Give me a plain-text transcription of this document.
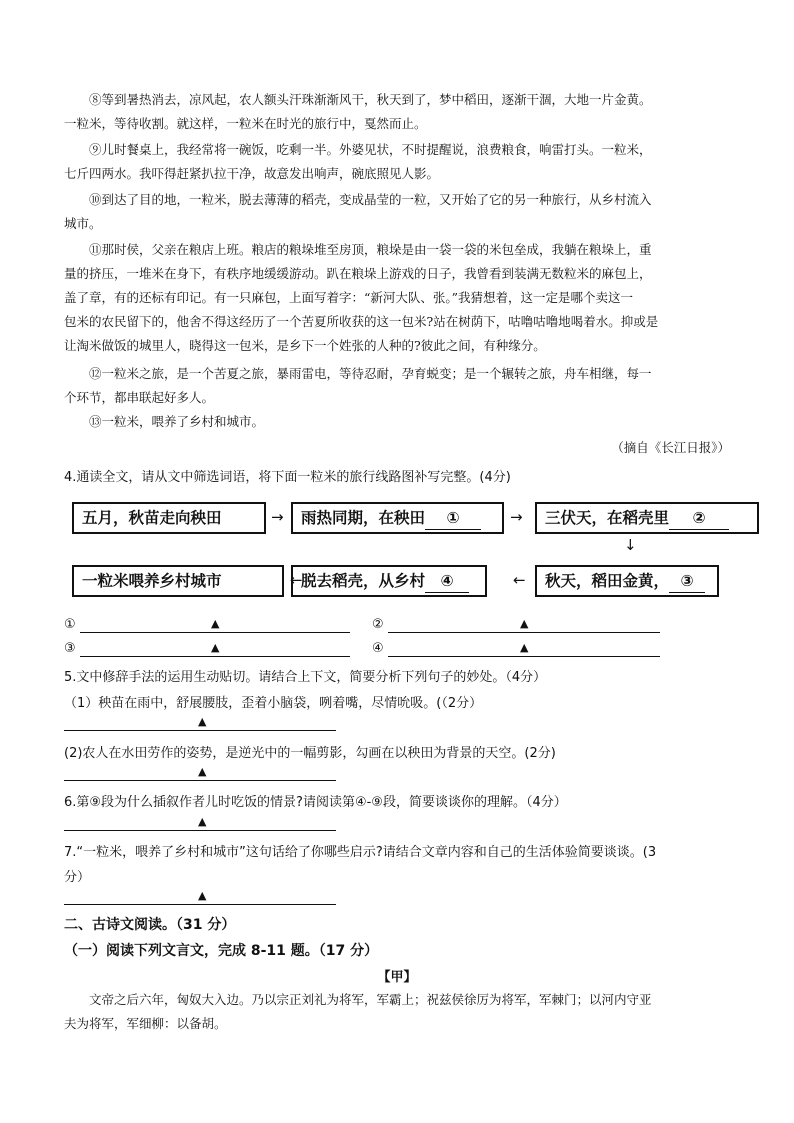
⑧等到暑热消去，凉风起，农人额头汗珠渐渐风干，秋天到了，梦中稻田，逐渐干涸，大地一片金黄。
一粒米，等待收割。就这样，一粒米在时光的旅行中，戛然而止。
⑨儿时餐桌上，我经常将一碗饭，吃剩一半。外婆见状，不时提醒说，浪费粮食，响雷打头。一粒米，
七斤四两水。我吓得赶紧扒拉干净，故意发出响声，碗底照见人影。
⑩到达了目的地，一粒米，脱去薄薄的稻壳，变成晶莹的一粒，又开始了它的另一种旅行，从乡村流入
城市。
⑪那时侯，父亲在粮店上班。粮店的粮垛堆至房顶，粮垛是由一袋一袋的米包垒成，我躺在粮垛上，重
量的挤压，一堆米在身下，有秩序地缓缓游动。趴在粮垛上游戏的日子，我曾看到装满无数粒米的麻包上，
盖了章，有的还标有印记。有一只麻包，上面写着字：“新河大队、张。”我猜想着，这一定是哪个卖这一
包米的农民留下的，他舍不得这经历了一个苦夏所收获的这一包米?站在树荫下，咕噜咕噜地喝着水。抑或是
让淘米做饭的城里人，晓得这一包米，是乡下一个姓张的人种的?彼此之间，有种缘分。
⑫一粒米之旅，是一个苦夏之旅，暴雨雷电，等待忍耐，孕育蜕变；是一个辗转之旅，舟车相继，每一
个环节，都串联起好多人。
⑬一粒米，喂养了乡村和城市。
（摘自《长江日报》）
4.通读全文，请从文中筛选词语，将下面一粒米的旅行线路图补写完整。(4分)
五月，秋苗走向秧田	→	雨热同期，在秧田 ①	→	三伏天，在稻壳里 ②
↓
一粒米喂养乡村城市	←
脱去稻壳，从乡村 ④	←	秋天，稻田金黄， ③
①	▲	②	▲
③	▲	④	▲
5.文中修辞手法的运用生动贴切。请结合上下文，简要分析下列句子的妙处。（4分）
（1）秧苗在雨中，舒展腰肢，歪着小脑袋，咧着嘴，尽情吮吸。(（2分）
▲
(2)农人在水田劳作的姿势，是逆光中的一幅剪影，勾画在以秧田为背景的天空。(2分)
▲
6.第⑨段为什么插叙作者儿时吃饭的情景?请阅读第④-⑨段，简要谈谈你的理解。（4分）
▲
7.“一粒米，喂养了乡村和城市”这句话给了你哪些启示?请结合文章内容和自己的生活体验简要谈谈。(3
分）
▲
二、古诗文阅读。（31 分）
（一）阅读下列文言文，完成 8-11 题。（17 分）
【甲】
文帝之后六年，匈奴大入边。乃以宗正刘礼为将军，军霸上；祝兹侯徐厉为将军，军棘门；以河内守亚
夫为将军，军细柳：以备胡。
